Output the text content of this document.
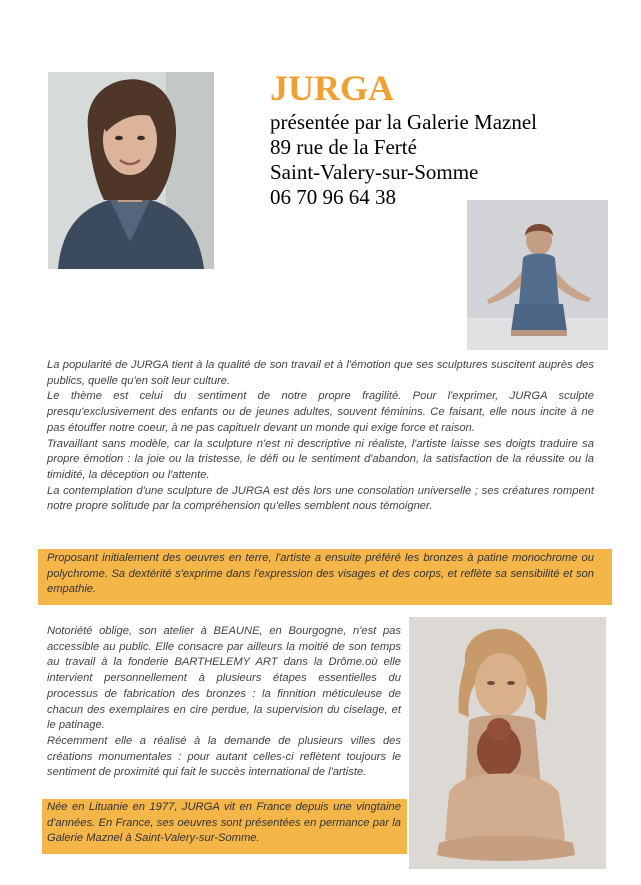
JURGA
présentée par la Galerie Maznel
89 rue de la Ferté
Saint-Valery-sur-Somme
06 70 96 64 38
La popularité de JURGA tient à la qualité de son travail et à l'émotion que ses sculptures suscitent auprès des publics, quelle qu'en soit leur culture.
Le thème est celui du sentiment de notre propre fragilité. Pour l'exprimer, JURGA sculpte presqu'exclusivement des enfants ou de jeunes adultes, souvent féminins. Ce faisant, elle nous incite à ne pas étouffer notre coeur, à ne pas capitueIr devant un monde qui exige force et raison.
Travaillant sans modèle, car la sculpture n'est ni descriptive ni réaliste, l'artiste laisse ses doigts traduire sa propre émotion : la joie ou la tristesse, le défi ou le sentiment d'abandon, la satisfaction de la réussite ou la timidité, la déception ou l'attente.
La contemplation d'une sculpture de JURGA est dès lors une consolation universelle ; ses créatures rompent notre propre solitude par la compréhension qu'elles semblent nous témoigner.
Proposant initialement des oeuvres en terre, l'artiste a ensuite préféré les bronzes à patine monochrome ou polychrome. Sa dextérité s'exprime dans l'expression des visages et des corps, et reflète sa sensibilité et son empathie.
Notoriété oblige, son atelier à BEAUNE, en Bourgogne, n'est pas accessible au public. Elle consacre par ailleurs la moitié de son temps au travail à la fonderie BARTHELEMY ART dans la Drôme.où elle intervient personnellement à plusieurs étapes essentielles du processus de fabrication des bronzes : la finnition méticuleuse de chacun des exemplaires en cire perdue, la supervision du ciselage, et le patinage.
Récemment elle a réalisé à la demande de plusieurs villes des créations monumentales : pour autant celles-ci reflètent toujours le sentiment de proximité qui fait le succès international de l'artiste.
Née en Lituanie en 1977, JURGA vit en France depuis une vingtaine d'années. En France, ses oeuvres sont présentées en permance par la Galerie Maznel à Saint-Valery-sur-Somme.
